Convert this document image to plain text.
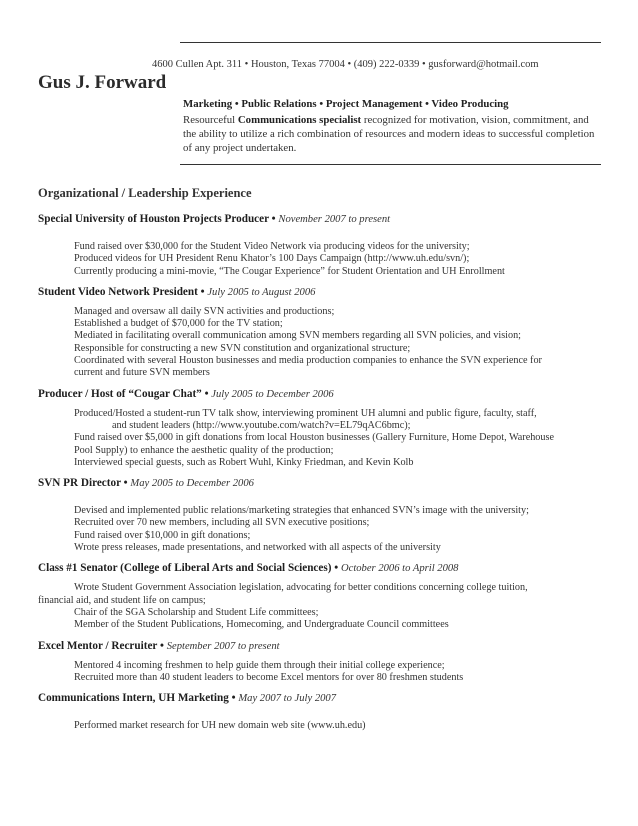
4600 Cullen Apt. 311 • Houston, Texas 77004 • (409) 222-0339 • gusforward@hotmail.com
Gus J. Forward
Marketing • Public Relations • Project Management • Video Producing
Resourceful Communications specialist recognized for motivation, vision, commitment, and the ability to utilize a rich combination of resources and modern ideas to successful completion of any project undertaken.
Organizational / Leadership Experience
Special University of Houston Projects Producer • November 2007 to present
Fund raised over $30,000 for the Student Video Network via producing videos for the university;
Produced videos for UH President Renu Khator’s 100 Days Campaign (http://www.uh.edu/svn/);
Currently producing a mini-movie, “The Cougar Experience” for Student Orientation and UH Enrollment
Student Video Network President • July 2005 to August 2006
Managed and oversaw all daily SVN activities and productions;
Established a budget of $70,000 for the TV station;
Mediated in facilitating overall communication among SVN members regarding all SVN policies, and vision;
Responsible for constructing a new SVN constitution and organizational structure;
Coordinated with several Houston businesses and media production companies to enhance the SVN experience for
current and future SVN members
Producer / Host of “Cougar Chat” • July 2005 to December 2006
Produced/Hosted a student-run TV talk show, interviewing prominent UH alumni and public figure, faculty, staff,
and student leaders (http://www.youtube.com/watch?v=EL79qAC6bmc);
Fund raised over $5,000 in gift donations from local Houston businesses (Gallery Furniture, Home Depot, Warehouse
Pool Supply) to enhance the aesthetic quality of the production;
Interviewed special guests, such as Robert Wuhl, Kinky Friedman, and Kevin Kolb
SVN PR Director • May 2005 to December 2006
Devised and implemented public relations/marketing strategies that enhanced SVN’s image with the university;
Recruited over 70 new members, including all SVN executive positions;
Fund raised over $10,000 in gift donations;
Wrote press releases, made presentations, and networked with all aspects of the university
Class #1 Senator (College of Liberal Arts and Social Sciences) • October 2006 to April 2008
Wrote Student Government Association legislation, advocating for better conditions concerning college tuition,
financial aid, and student life on campus;
Chair of the SGA Scholarship and Student Life committees;
Member of the Student Publications, Homecoming, and Undergraduate Council committees
Excel Mentor / Recruiter • September 2007 to present
Mentored 4 incoming freshmen to help guide them through their initial college experience;
Recruited more than 40 student leaders to become Excel mentors for over 80 freshmen students
Communications Intern, UH Marketing • May 2007 to July 2007
Performed market research for UH new domain web site (www.uh.edu)
